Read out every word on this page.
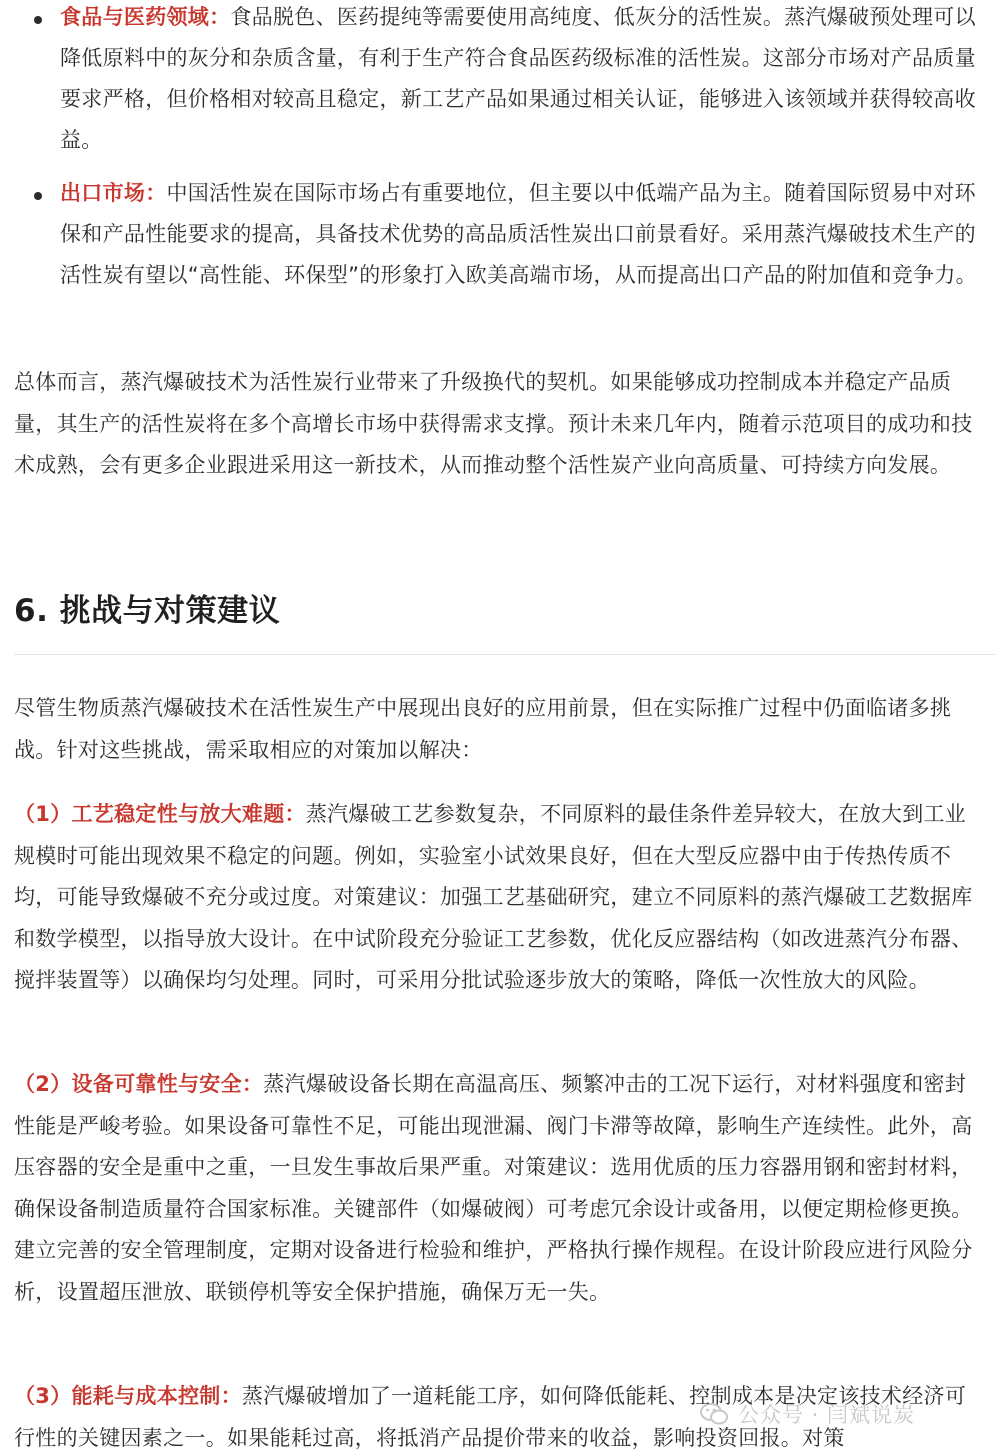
食品与医药领域：食品脱色、医药提纯等需要使用高纯度、低灰分的活性炭。蒸汽爆破预处理可以降低原料中的灰分和杂质含量，有利于生产符合食品医药级标准的活性炭。这部分市场对产品质量要求严格，但价格相对较高且稳定，新工艺产品如果通过相关认证，能够进入该领域并获得较高收益。
出口市场：中国活性炭在国际市场占有重要地位，但主要以中低端产品为主。随着国际贸易中对环保和产品性能要求的提高，具备技术优势的高品质活性炭出口前景看好。采用蒸汽爆破技术生产的活性炭有望以“高性能、环保型”的形象打入欧美高端市场，从而提高出口产品的附加值和竞争力。

总体而言，蒸汽爆破技术为活性炭行业带来了升级换代的契机。如果能够成功控制成本并稳定产品质量，其生产的活性炭将在多个高增长市场中获得需求支撑。预计未来几年内，随着示范项目的成功和技术成熟，会有更多企业跟进采用这一新技术，从而推动整个活性炭产业向高质量、可持续方向发展。

6. 挑战与对策建议

尽管生物质蒸汽爆破技术在活性炭生产中展现出良好的应用前景，但在实际推广过程中仍面临诸多挑战。针对这些挑战，需采取相应的对策加以解决：

（1）工艺稳定性与放大难题：蒸汽爆破工艺参数复杂，不同原料的最佳条件差异较大，在放大到工业规模时可能出现效果不稳定的问题。例如，实验室小试效果良好，但在大型反应器中由于传热传质不均，可能导致爆破不充分或过度。对策建议：加强工艺基础研究，建立不同原料的蒸汽爆破工艺数据库和数学模型，以指导放大设计。在中试阶段充分验证工艺参数，优化反应器结构（如改进蒸汽分布器、搅拌装置等）以确保均匀处理。同时，可采用分批试验逐步放大的策略，降低一次性放大的风险。

（2）设备可靠性与安全：蒸汽爆破设备长期在高温高压、频繁冲击的工况下运行，对材料强度和密封性能是严峻考验。如果设备可靠性不足，可能出现泄漏、阀门卡滞等故障，影响生产连续性。此外，高压容器的安全是重中之重，一旦发生事故后果严重。对策建议：选用优质的压力容器用钢和密封材料，确保设备制造质量符合国家标准。关键部件（如爆破阀）可考虑冗余设计或备用，以便定期检修更换。建立完善的安全管理制度，定期对设备进行检验和维护，严格执行操作规程。在设计阶段应进行风险分析，设置超压泄放、联锁停机等安全保护措施，确保万无一失。

（3）能耗与成本控制：蒸汽爆破增加了一道耗能工序，如何降低能耗、控制成本是决定该技术经济可行性的关键因素之一。如果能耗过高，将抵消产品提价带来的收益，影响投资回报。对策

公众号 · 闫斌说炭
